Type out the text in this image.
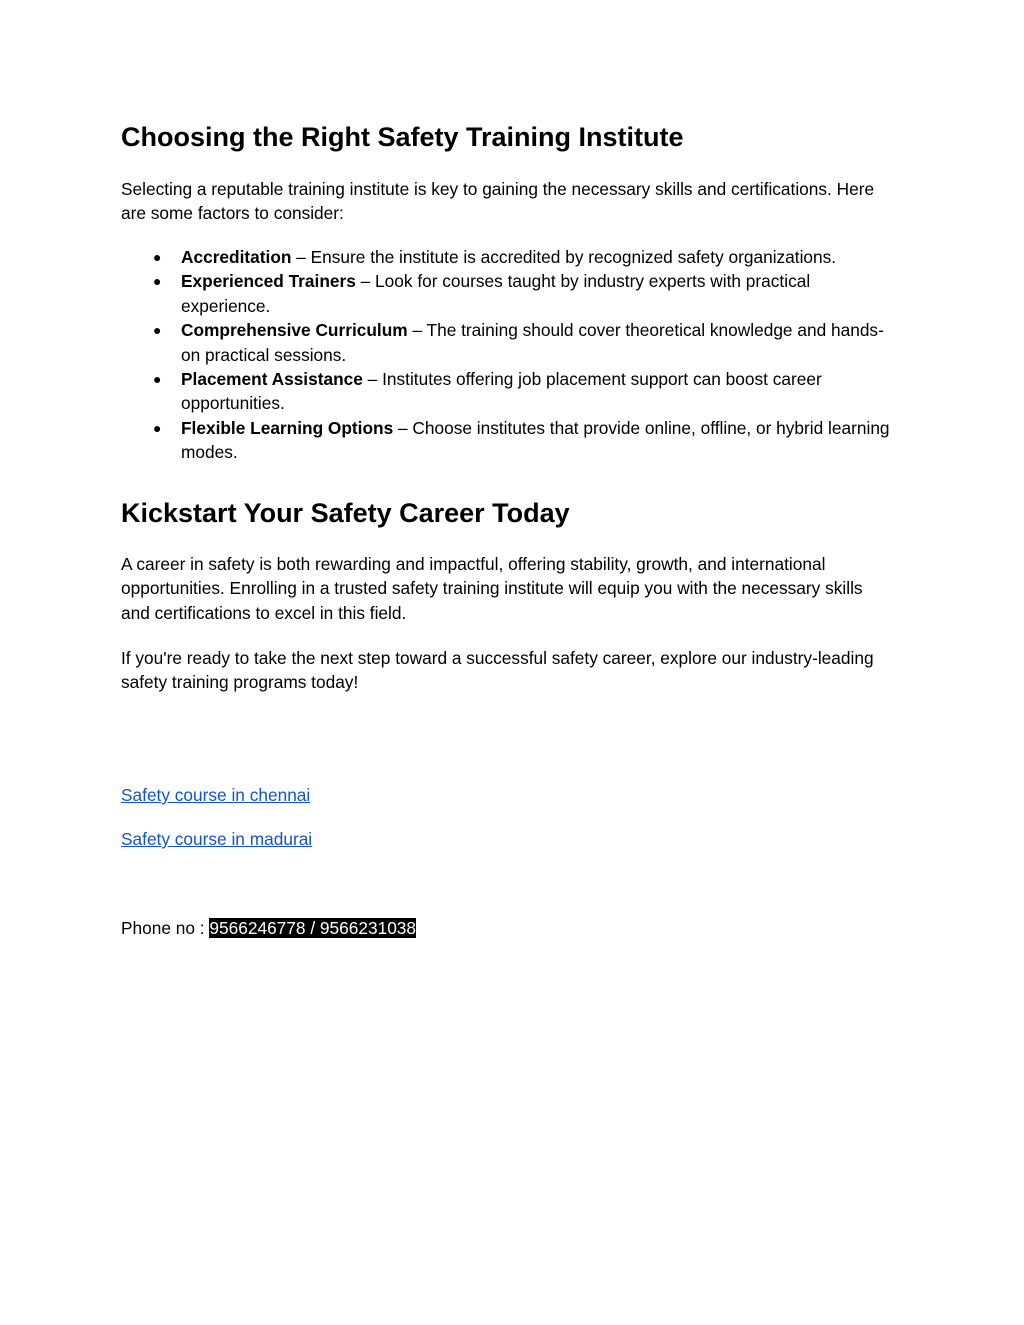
Choosing the Right Safety Training Institute

Selecting a reputable training institute is key to gaining the necessary skills and certifications. Here are some factors to consider:

● Accreditation – Ensure the institute is accredited by recognized safety organizations.
● Experienced Trainers – Look for courses taught by industry experts with practical experience.
● Comprehensive Curriculum – The training should cover theoretical knowledge and hands-on practical sessions.
● Placement Assistance – Institutes offering job placement support can boost career opportunities.
● Flexible Learning Options – Choose institutes that provide online, offline, or hybrid learning modes.
Kickstart Your Safety Career Today

A career in safety is both rewarding and impactful, offering stability, growth, and international opportunities. Enrolling in a trusted safety training institute will equip you with the necessary skills and certifications to excel in this field.

If you're ready to take the next step toward a successful safety career, explore our industry-leading safety training programs today!

Safety course in chennai
Safety course in madurai
Phone no : 9566246778 / 9566231038
